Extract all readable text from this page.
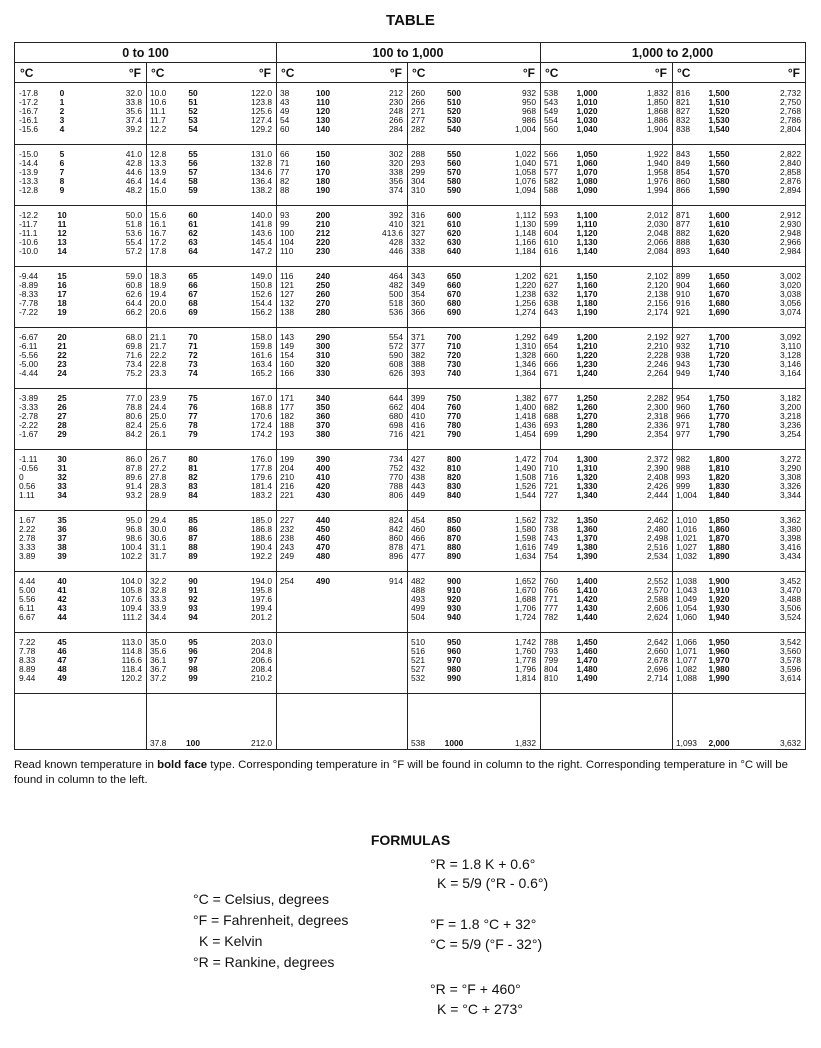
TABLE
0 to 100	100 to 1,000	1,000 to 2,000
°C	°F °C	°F °C	°F °C	°F °C	°F °C	°F
-17.8	0	32.0
-17.2	1	33.8
-16.7	2	35.6
-16.1	3	37.4
-15.6	4	39.2
-15.0	5	41.0
-14.4	6	42.8
-13.9	7	44.6
-13.3	8	46.4
-12.8	9	48.2
-12.2	10	50.0
-11.7	11	51.8
-11.1	12	53.6
-10.6	13	55.4
-10.0	14	57.2
-9.44	15	59.0
-8.89	16	60.8
-8.33	17	62.6
-7.78	18	64.4
-7.22	19	66.2
-6.67	20	68.0
-6.11	21	69.8
-5.56	22	71.6
-5.00	23	73.4
-4.44	24	75.2
-3.89	25	77.0
-3.33	26	78.8
-2.78	27	80.6
-2.22	28	82.4
-1.67	29	84.2
-1.11	30	86.0
-0.56	31	87.8
0	32	89.6
0.56	33	91.4
1.11	34	93.2
1.67	35	95.0
2.22	36	96.8
2.78	37	98.6
3.33	38	100.4
3.89	39	102.2
4.44	40	104.0
5.00	41	105.8
5.56	42	107.6
6.11	43	109.4
6.67	44	111.2
7.22	45	113.0
7.78	46	114.8
8.33	47	116.6
8.89	48	118.4
9.44	49	120.2
10.0	50	122.0
10.6	51	123.8
11.1	52	125.6
11.7	53	127.4
12.2	54	129.2
12.8	55	131.0
13.3	56	132.8
13.9	57	134.6
14.4	58	136.4
15.0	59	138.2
15.6	60	140.0
16.1	61	141.8
16.7	62	143.6
17.2	63	145.4
17.8	64	147.2
18.3	65	149.0
18.9	66	150.8
19.4	67	152.6
20.0	68	154.4
20.6	69	156.2
21.1	70	158.0
21.7	71	159.8
22.2	72	161.6
22.8	73	163.4
23.3	74	165.2
23.9	75	167.0
24.4	76	168.8
25.0	77	170.6
25.6	78	172.4
26.1	79	174.2
26.7	80	176.0
27.2	81	177.8
27.8	82	179.6
28.3	83	181.4
28.9	84	183.2
29.4	85	185.0
30.0	86	186.8
30.6	87	188.6
31.1	88	190.4
31.7	89	192.2
32.2	90	194.0
32.8	91	195.8
33.3	92	197.6
33.9	93	199.4
34.4	94	201.2
35.0	95	203.0
35.6	96	204.8
36.1	97	206.6
36.7	98	208.4
37.2	99	210.2
37.8	100	212.0
38	100	212
43	110	230
49	120	248
54	130	266
60	140	284
66	150	302
71	160	320
77	170	338
82	180	356
88	190	374
93	200	392
99	210	410
100	212	413.6
104	220	428
110	230	446
116	240	464
121	250	482
127	260	500
132	270	518
138	280	536
143	290	554
149	300	572
154	310	590
160	320	608
166	330	626
171	340	644
177	350	662
182	360	680
188	370	698
193	380	716
199	390	734
204	400	752
210	410	770
216	420	788
221	430	806
227	440	824
232	450	842
238	460	860
243	470	878
249	480	896
254	490	914
260	500	932
266	510	950
271	520	968
277	530	986
282	540	1,004
288	550	1,022
293	560	1,040
299	570	1,058
304	580	1,076
310	590	1,094
316	600	1,112
321	610	1,130
327	620	1,148
332	630	1,166
338	640	1,184
343	650	1,202
349	660	1,220
354	670	1,238
360	680	1,256
366	690	1,274
371	700	1,292
377	710	1,310
382	720	1,328
388	730	1,346
393	740	1,364
399	750	1,382
404	760	1,400
410	770	1,418
416	780	1,436
421	790	1,454
427	800	1,472
432	810	1,490
438	820	1,508
443	830	1,526
449	840	1,544
454	850	1,562
460	860	1,580
466	870	1,598
471	880	1,616
477	890	1,634
482	900	1,652
488	910	1,670
493	920	1,688
499	930	1,706
504	940	1,724
510	950	1,742
516	960	1,760
521	970	1,778
527	980	1,796
532	990	1,814
538	1000	1,832
538	1,000	1,832
543	1,010	1,850
549	1,020	1,868
554	1,030	1,886
560	1,040	1,904
566	1,050	1,922
571	1,060	1,940
577	1,070	1,958
582	1,080	1,976
588	1,090	1,994
593	1,100	2,012
599	1,110	2,030
604	1,120	2,048
610	1,130	2,066
616	1,140	2,084
621	1,150	2,102
627	1,160	2,120
632	1,170	2,138
638	1,180	2,156
643	1,190	2,174
649	1,200	2,192
654	1,210	2,210
660	1,220	2,228
666	1,230	2,246
671	1,240	2,264
677	1,250	2,282
682	1,260	2,300
688	1,270	2,318
693	1,280	2,336
699	1,290	2,354
704	1,300	2,372
710	1,310	2,390
716	1,320	2,408
721	1,330	2,426
727	1,340	2,444
732	1,350	2,462
738	1,360	2,480
743	1,370	2,498
749	1,380	2,516
754	1,390	2,534
760	1,400	2,552
766	1,410	2,570
771	1,420	2,588
777	1,430	2,606
782	1,440	2,624
788	1,450	2,642
793	1,460	2,660
799	1,470	2,678
804	1,480	2,696
810	1,490	2,714
816	1,500	2,732
821	1,510	2,750
827	1,520	2,768
832	1,530	2,786
838	1,540	2,804
843	1,550	2,822
849	1,560	2,840
854	1,570	2,858
860	1,580	2,876
866	1,590	2,894
871	1,600	2,912
877	1,610	2,930
882	1,620	2,948
888	1,630	2,966
893	1,640	2,984
899	1,650	3,002
904	1,660	3,020
910	1,670	3,038
916	1,680	3,056
921	1,690	3,074
927	1,700	3,092
932	1,710	3,110
938	1,720	3,128
943	1,730	3,146
949	1,740	3,164
954	1,750	3,182
960	1,760	3,200
966	1,770	3,218
971	1,780	3,236
977	1,790	3,254
982	1,800	3,272
988	1,810	3,290
993	1,820	3,308
999	1,830	3,326
1,004	1,840	3,344
1,010	1,850	3,362
1,016	1,860	3,380
1,021	1,870	3,398
1,027	1,880	3,416
1,032	1,890	3,434
1,038	1,900	3,452
1,043	1,910	3,470
1,049	1,920	3,488
1,054	1,930	3,506
1,060	1,940	3,524
1,066	1,950	3,542
1,071	1,960	3,560
1,077	1,970	3,578
1,082	1,980	3,596
1,088	1,990	3,614
1,093	2,000	3,632
Read known temperature in bold face type. Corresponding temperature in °F will be found in column to the right. Corresponding temperature in °C will be found in column to the left.
FORMULAS
°R = 1.8 K + 0.6°
K = 5/9 (°R - 0.6°)
°C = Celsius, degrees
°F = Fahrenheit, degrees
K = Kelvin
°R = Rankine, degrees
°F = 1.8 °C + 32°
°C = 5/9 (°F - 32°)
°R = °F + 460°
K = °C + 273°
